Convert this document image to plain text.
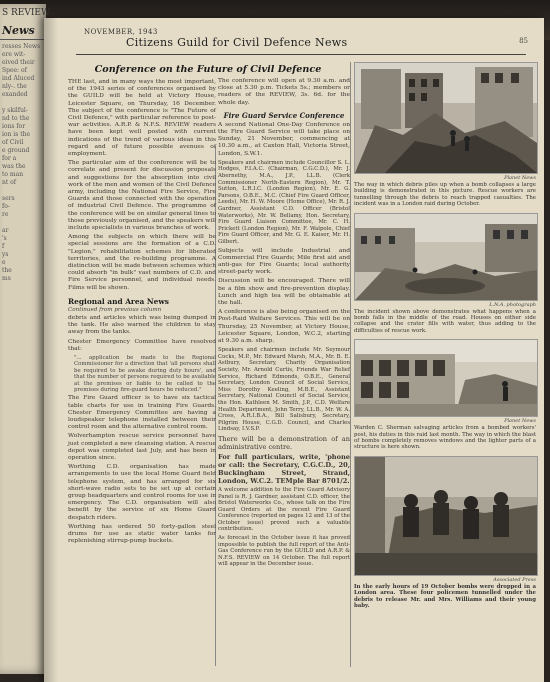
S REVIEW
News
resses News
ere wit-
eived their
Spee: of
ind Aluced
nly-. the
exanded

y skilful-
nd to the
ions for
ion is the
of Civil
e ground
for a
was the
to man
nt of

sers
fo-
re

ar
's
f
ys
e
the
ms

NOVEMBER, 1943
Citizens Guild for Civil Defence News	85
Conference on the Future of Civil Defence

THE last, and in many ways the most important, of the 1943 series of conferences organised by the GUILD will be held at Victory House, Leicester Square, on Thursday, 16 December. The subject of the conference is "The Future of Civil Defence," with particular reference to post-war activities. A.R.P. & N.F.S. REVIEW readers have been kept well posted with current indications of the trend of various ideas in this regard and of future possible avenues of employment.

The particular aim of the conference will be to correlate and present for discussion proposals and suggestions for the absorption into civil work of the men and women of the Civil Defence army, including the National Fire Service, Fire Guards and those connected with the operation of industrial Civil Defence. The programme of the conference will be on similar general lines to those previously organised, and the speakers will include specialists in various branches of work.

Among the subjects on which there will be special sessions are the formation of a C.D. "Legion," rehabilitation schemes for liberated territories, and the re-building programme. A distinction will be made between schemes which could absorb "in bulk" vast numbers of C.D. and Fire Service personnel, and individual needs. Films will be shown.

Regional and Area News
Continued from previous column

debris and articles which was being dumped in the tank. He also warned the children to stay away from the tanks.

Chester Emergency Committee have resolved that:

"... application be made to the Regional Commissioner for a direction that 'all persons shall be required to be awake during duty hours', and that the number of persons required to be available at the premises or liable to be called to the premises during fire-guard hours be reduced."

The Fire Guard officer is to have six tactical table charts for use in training Fire Guards. Chester Emergency Committee are having a loudspeaker telephone installed between their control room and the alternative control room.

Wolverhampton rescue service personnel have just completed a new cleansing station. A rescue depot was completed last July, and has been in operation since.

Worthing C.D. organisation has made arrangements to use the local Home Guard field telephone system, and has arranged for six short-wave radio sets to be set up at certain group headquarters and control rooms for use in emergency. The C.D. organisation will also benefit by the service of six Home Guard despatch riders.

Worthing has ordered 50 forty-gallon steel drums for use as static water tanks for replenishing stirrup-pump buckets.

The conference will open at 9.30 a.m. and close at 5.30 p.m. Tickets 5s.; members or readers of the REVIEW, 3s. 6d. for the whole day.

Fire Guard Service Conference

A second National One-Day Conference on the Fire Guard Service will take place on Sunday, 21 November, commencing at 10.30 a.m., at Caxton Hall, Victoria Street, London, S.W.1.

Speakers and chairmen include Councillor S. L. Hodges, F.I.A.C. (Chairman, C.G.C.D.), Mr. J. Abernethy, M.A., J.P., LL.B. (Clerk Commissioner North-Eastern Region), Mr. T. Sutton, L.R.I.C. (London Region), Mr. E. G. Parsons, O.B.E., M.C. (Chief Fire Guard Officer, Leeds), Mr. H. W. Moore (Home Office), Mr. R. J. Gardner, Assistant C.D. Officer (Bristol Waterworks), Mr. W. Bellamy, Hon. Secretary, Fire Guard Liaison Committee, Mr. C. H. Prickett (London Region), Mr. F. Walpole, Chief Fire Guard Officer, and Mr. G. E. Kaiser, Mr. H. Gilbert.

Subjects will include Industrial and Commercial Fire Guards; Mile first aid and anti-gas for Fire Guards; local authority street-party work.

Discussion will be encouraged. There will be a film show and fire-prevention display. Lunch and high tea will be obtainable at the hall.

A conference is also being organised on the Post-Raid Welfare Services. This will be on Thursday, 25 November, at Victory House, Leicester Square, London, W.C.2, starting at 9.30 a.m. sharp.

Speakers and chairmen include Mr. Seymour Cocks, M.P., Mr. Edward Marsh, M.A., Mr. B. E. Astbury, Secretary, Charity Organisation Society, Mr. Arnold Curtis, Friends War Relief Service, Richard Edmonds, O.B.E., General Secretary, London Council of Social Service, Miss Dorothy Keeling, M.B.E., Assistant Secretary, National Council of Social Service, the Hon. Kathleen M. Smith, J.P., C.D. Welfare Health Department, John Terry, LL.B., Mr. W. A. Cross, A.R.I.B.A., Bill Salisbury, Secretary, Pilgrim House, C.G.D. Council, and Charles Lindsay, I.V.S.P.

There will be a demonstration of an administrative centre.

For full particulars, write, 'phone or call: the Secretary, C.G.C.D., 20, Buckingham Street, Strand, London, W.C.2. TEMple Bar 8701/2.

A welcome addition to the Fire Guard Advisory Panel is R. J. Gardner, assistant C.D. officer, the Bristol Waterworks Co., whose talk on the Fire Guard Orders at the recent Fire Guard Conference (reported on pages 12 and 13 of the October issue) proved such a valuable contribution.

As forecast in the October issue it has proved impossible to publish the full report of the Anti-Gas Conference run by the GUILD and A.R.P. & N.F.S. REVIEW on 14 October. The full report will appear in the December issue.

Planet News
The way in which debris piles up when a bomb collapses a large building is demonstrated in this picture. Rescue workers are tunnelling through the debris to reach trapped casualties. The incident was in a London raid during October.
L.N.A. photograph
The incident shown above demonstrates what happens when a bomb falls in the middle of the road. Houses on either side collapse and the crater fills with water, thus adding to the difficulties of rescue work.
Planet News
Warden C. Sherman salvaging articles from a bombed workers' post, his duties in this raid last month. The way in which the blast of bombs completely removes windows and the lighter parts of a structure is here shown.
Associated Press
In the early hours of 19 October bombs were dropped in a London area. These four policemen tunnelled under the debris to release Mr. and Mrs. Williams and their young baby.
